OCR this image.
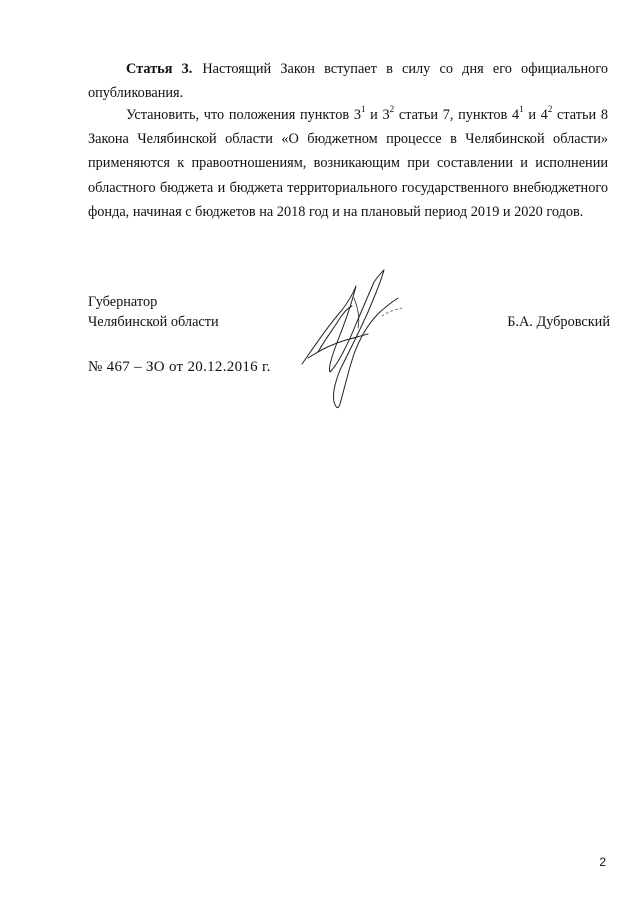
Статья 3. Настоящий Закон вступает в силу со дня его официального опубликования.
Установить, что положения пунктов $3^1$ и $3^2$ статьи 7, пунктов $4^1$ и $4^2$ статьи 8 Закона Челябинской области «О бюджетном процессе в Челябинской области» применяются к правоотношениям, возникающим при составлении и исполнении областного бюджета и бюджета территориального государственного внебюджетного фонда, начиная с бюджетов на 2018 год и на плановый период 2019 и 2020 годов.
Губернатор
Челябинской области	Б.А. Дубровский
№ 467 – ЗО от 20.12.2016 г.
2
